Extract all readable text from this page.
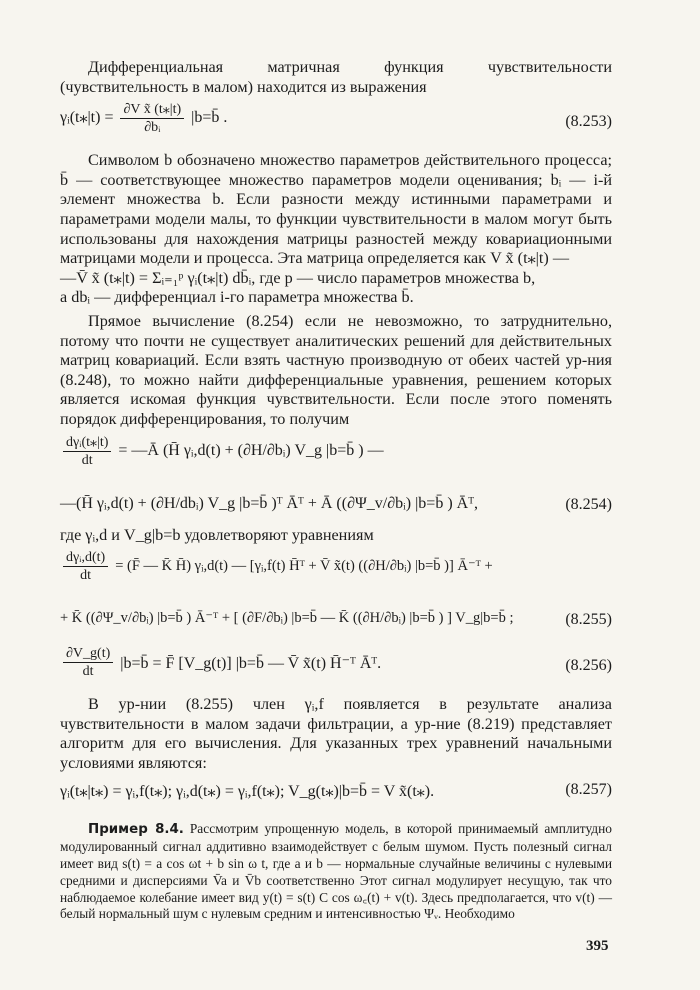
Дифференциальная матричная функция чувствительности (чувствительность в малом) находится из выражения

γᵢ(t⁎|t) = $\frac{\text{∂V x̃ (t⁎|t)}}{\text{∂bᵢ}}$ |b=b̄ .	(8.253)

Символом b обозначено множество параметров действительного процесса; b̄ — соответствующее множество параметров модели оценивания; bᵢ — i-й элемент множества b. Если разности между истинными параметрами и параметрами модели малы, то функции чувствительности в малом могут быть использованы для нахождения матрицы разностей между ковариационными матрицами модели и процесса. Эта матрица определяется как V x̃ (t⁎|t) —

—V̄ x̃ (t⁎|t) = Σᵢ₌₁ᵖ γᵢ(t⁎|t) db̄ᵢ, где p — число параметров множества b,

а dbᵢ — дифференциал i-го параметра множества b̄.

Прямое вычисление (8.254) если не невозможно, то затруднительно, потому что почти не существует аналитических решений для действительных матриц ковариаций. Если взять частную производную от обеих частей ур-ния (8.248), то можно найти дифференциальные уравнения, решением которых является искомая функция чувствительности. Если после этого поменять порядок дифференцирования, то получим

$\frac{\text{dγᵢ(t⁎|t)}}{dt}$ = —Ā (H̄ γᵢ,d(t) + (∂H/∂bᵢ) V_g |b=b̄ ) —
—(H̄ γᵢ,d(t) + (∂H/dbᵢ) V_g |b=b̄ )ᵀ Āᵀ + Ā ((∂Ψ_v/∂bᵢ) |b=b̄ ) Āᵀ,	(8.254)

где γᵢ,d и V_g|b=b удовлетворяют уравнениям

$\frac{\text{dγᵢ,d(t)}}{dt}$ = (F̄ — K̄ H̄) γᵢ,d(t) — [γᵢ,f(t) H̄ᵀ + V̄ x̃(t) ((∂H/∂bᵢ) |b=b̄ )] Ā⁻ᵀ +
+ K̄ ((∂Ψ_v/∂bᵢ) |b=b̄ ) Ā⁻ᵀ + [ (∂F/∂bᵢ) |b=b̄ — K̄ ((∂H/∂bᵢ) |b=b̄ ) ] V_g|b=b̄ ;	(8.255)
$\frac{\partial V\_g(t)}{dt}$ |b=b̄ = F̄ [V_g(t)] |b=b̄ — V̄ x̃(t) H̄⁻ᵀ Āᵀ.	(8.256)

В ур-нии (8.255) член γᵢ,f появляется в результате анализа чувствительности в малом задачи фильтрации, а ур-ние (8.219) представляет алгоритм для его вычисления. Для указанных трех уравнений начальными условиями являются:

γᵢ(t⁎|t⁎) = γᵢ,f(t⁎); γᵢ,d(t⁎) = γᵢ,f(t⁎); V_g(t⁎)|b=b̄ = V x̃(t⁎).	(8.257)

Пример 8.4. Рассмотрим упрощенную модель, в которой принимаемый амплитудно модулированный сигнал аддитивно взаимодействует с белым шумом. Пусть полезный сигнал имеет вид s(t) = a cos ωt + b sin ω t, где a и b — нормальные случайные величины с нулевыми средними и дисперсиями V̄a и V̄b соответственно Этот сигнал модулирует несущую, так что наблюдаемое колебание имеет вид y(t) = s(t) C cos ω꜀(t) + v(t). Здесь предполагается, что v(t) — белый нормальный шум с нулевым средним и интенсивностью Ψᵥ. Необходимо

395
